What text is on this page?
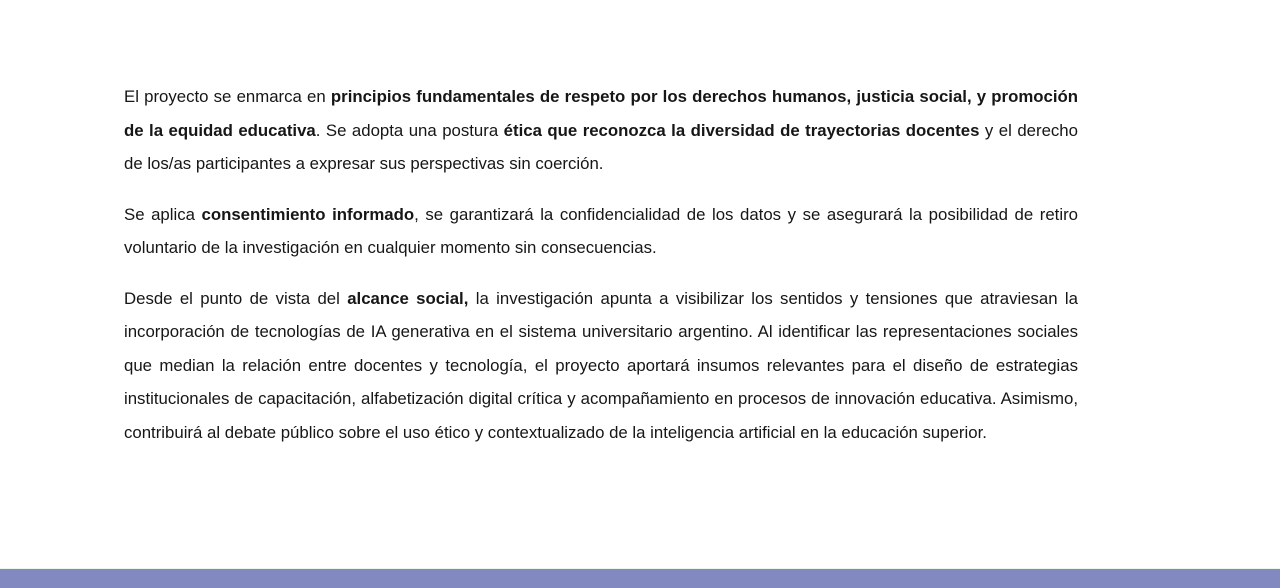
El proyecto se enmarca en principios fundamentales de respeto por los derechos humanos, justicia social, y promoción de la equidad educativa. Se adopta una postura ética que reconozca la diversidad de trayectorias docentes y el derecho de los/as participantes a expresar sus perspectivas sin coerción.

Se aplica consentimiento informado, se garantizará la confidencialidad de los datos y se asegurará la posibilidad de retiro voluntario de la investigación en cualquier momento sin consecuencias.

Desde el punto de vista del alcance social, la investigación apunta a visibilizar los sentidos y tensiones que atraviesan la incorporación de tecnologías de IA generativa en el sistema universitario argentino. Al identificar las representaciones sociales que median la relación entre docentes y tecnología, el proyecto aportará insumos relevantes para el diseño de estrategias institucionales de capacitación, alfabetización digital crítica y acompañamiento en procesos de innovación educativa. Asimismo, contribuirá al debate público sobre el uso ético y contextualizado de la inteligencia artificial en la educación superior.
